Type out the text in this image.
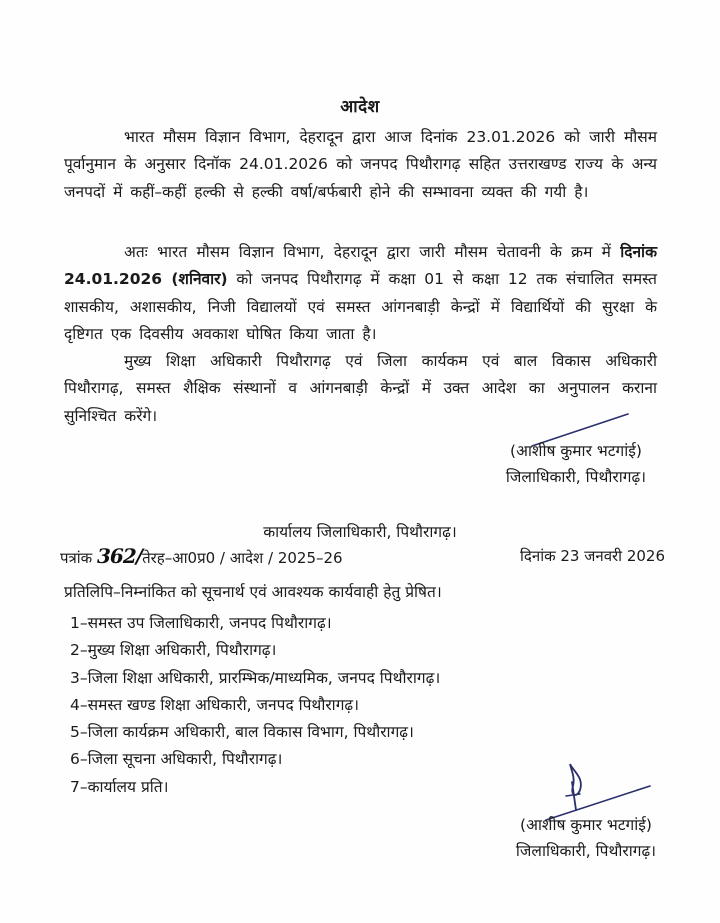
आदेश
भारत मौसम विज्ञान विभाग, देहरादून द्वारा आज दिनांक 23.01.2026 को जारी मौसम पूर्वानुमान के अनुसार दिनॉक 24.01.2026 को जनपद पिथौरागढ़ सहित उत्तराखण्ड राज्य के अन्य जनपदों में कहीं–कहीं हल्की से हल्की वर्षा/बर्फबारी होने की सम्भावना व्यक्त की गयी है।
अतः भारत मौसम विज्ञान विभाग, देहरादून द्वारा जारी मौसम चेतावनी के क्रम में दिनांक 24.01.2026 (शनिवार) को जनपद पिथौरागढ़ में कक्षा 01 से कक्षा 12 तक संचालित समस्त शासकीय, अशासकीय, निजी विद्यालयों एवं समस्त आंगनबाड़ी केन्द्रों में विद्यार्थियों की सुरक्षा के दृष्टिगत एक दिवसीय अवकाश घोषित किया जाता है।
मुख्य शिक्षा अधिकारी पिथौरागढ़ एवं जिला कार्यकम एवं बाल विकास अधिकारी पिथौरागढ़, समस्त शैक्षिक संस्थानों व आंगनबाड़ी केन्द्रों में उक्त आदेश का अनुपालन कराना सुनिश्चित करेंगे।
(आशीष कुमार भटगांई)
जिलाधिकारी, पिथौरागढ़।
कार्यालय जिलाधिकारी, पिथौरागढ़।
पत्रांक 362/तेरह–आ0प्र0 / आदेश / 2025–26	दिनांक 23 जनवरी 2026
प्रतिलिपि–निम्नांकित को सूचनार्थ एवं आवश्यक कार्यवाही हेतु प्रेषित।
1–समस्त उप जिलाधिकारी, जनपद पिथौरागढ़।
2–मुख्य शिक्षा अधिकारी, पिथौरागढ़।
3–जिला शिक्षा अधिकारी, प्रारम्भिक/माध्यमिक, जनपद पिथौरागढ़।
4–समस्त खण्ड शिक्षा अधिकारी, जनपद पिथौरागढ़।
5–जिला कार्यक्रम अधिकारी, बाल विकास विभाग, पिथौरागढ़।
6–जिला सूचना अधिकारी, पिथौरागढ़।
7–कार्यालय प्रति।
(आशीष कुमार भटगांई)
जिलाधिकारी, पिथौरागढ़।
